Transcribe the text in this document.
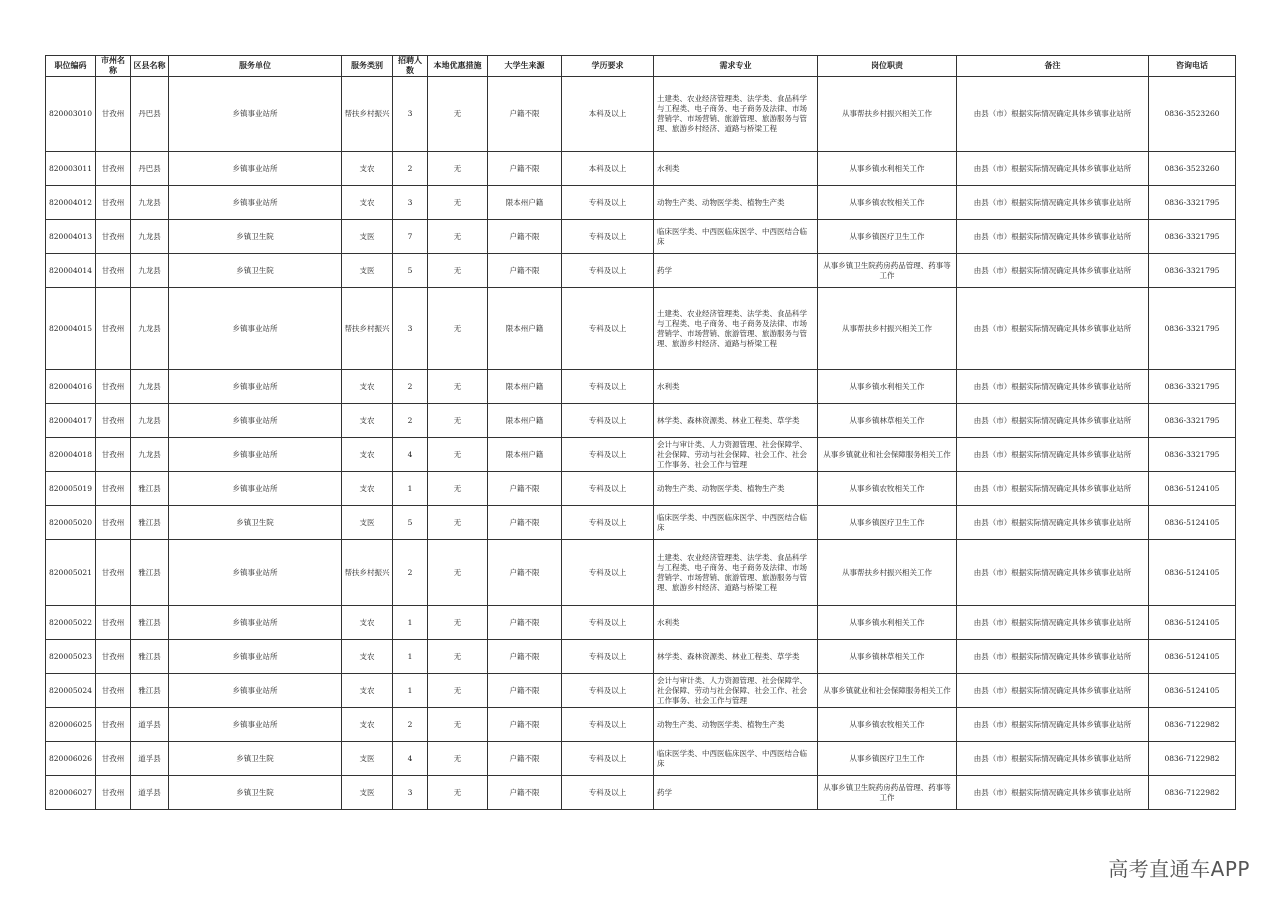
职位编码	市州名称	区县名称	服务单位	服务类别	招聘人数	本地优惠措施	大学生来源	学历要求	需求专业	岗位职责	备注	咨询电话
820003010	甘孜州	丹巴县	乡镇事业站所	帮扶乡村振兴	3	无	户籍不限	本科及以上	土建类、农业经济管理类、法学类、食品科学与工程类、电子商务、电子商务及法律、市场营销学、市场营销、旅游管理、旅游服务与管理、旅游乡村经济、道路与桥梁工程	从事帮扶乡村振兴相关工作	由县（市）根据实际情况确定具体乡镇事业站所	0836-3523260
820003011	甘孜州	丹巴县	乡镇事业站所	支农	2	无	户籍不限	本科及以上	水利类	从事乡镇水利相关工作	由县（市）根据实际情况确定具体乡镇事业站所	0836-3523260
820004012	甘孜州	九龙县	乡镇事业站所	支农	3	无	限本州户籍	专科及以上	动物生产类、动物医学类、植物生产类	从事乡镇农牧相关工作	由县（市）根据实际情况确定具体乡镇事业站所	0836-3321795
820004013	甘孜州	九龙县	乡镇卫生院	支医	7	无	户籍不限	专科及以上	临床医学类、中西医临床医学、中西医结合临床	从事乡镇医疗卫生工作	由县（市）根据实际情况确定具体乡镇事业站所	0836-3321795
820004014	甘孜州	九龙县	乡镇卫生院	支医	5	无	户籍不限	专科及以上	药学	从事乡镇卫生院药房药品管理、药事等工作	由县（市）根据实际情况确定具体乡镇事业站所	0836-3321795
820004015	甘孜州	九龙县	乡镇事业站所	帮扶乡村振兴	3	无	限本州户籍	专科及以上	土建类、农业经济管理类、法学类、食品科学与工程类、电子商务、电子商务及法律、市场营销学、市场营销、旅游管理、旅游服务与管理、旅游乡村经济、道路与桥梁工程	从事帮扶乡村振兴相关工作	由县（市）根据实际情况确定具体乡镇事业站所	0836-3321795
820004016	甘孜州	九龙县	乡镇事业站所	支农	2	无	限本州户籍	专科及以上	水利类	从事乡镇水利相关工作	由县（市）根据实际情况确定具体乡镇事业站所	0836-3321795
820004017	甘孜州	九龙县	乡镇事业站所	支农	2	无	限本州户籍	专科及以上	林学类、森林资源类、林业工程类、草学类	从事乡镇林草相关工作	由县（市）根据实际情况确定具体乡镇事业站所	0836-3321795
820004018	甘孜州	九龙县	乡镇事业站所	支农	4	无	限本州户籍	专科及以上	会计与审计类、人力资源管理、社会保障学、社会保障、劳动与社会保障、社会工作、社会工作事务、社会工作与管理	从事乡镇就业和社会保障服务相关工作	由县（市）根据实际情况确定具体乡镇事业站所	0836-3321795
820005019	甘孜州	雅江县	乡镇事业站所	支农	1	无	户籍不限	专科及以上	动物生产类、动物医学类、植物生产类	从事乡镇农牧相关工作	由县（市）根据实际情况确定具体乡镇事业站所	0836-5124105
820005020	甘孜州	雅江县	乡镇卫生院	支医	5	无	户籍不限	专科及以上	临床医学类、中西医临床医学、中西医结合临床	从事乡镇医疗卫生工作	由县（市）根据实际情况确定具体乡镇事业站所	0836-5124105
820005021	甘孜州	雅江县	乡镇事业站所	帮扶乡村振兴	2	无	户籍不限	专科及以上	土建类、农业经济管理类、法学类、食品科学与工程类、电子商务、电子商务及法律、市场营销学、市场营销、旅游管理、旅游服务与管理、旅游乡村经济、道路与桥梁工程	从事帮扶乡村振兴相关工作	由县（市）根据实际情况确定具体乡镇事业站所	0836-5124105
820005022	甘孜州	雅江县	乡镇事业站所	支农	1	无	户籍不限	专科及以上	水利类	从事乡镇水利相关工作	由县（市）根据实际情况确定具体乡镇事业站所	0836-5124105
820005023	甘孜州	雅江县	乡镇事业站所	支农	1	无	户籍不限	专科及以上	林学类、森林资源类、林业工程类、草学类	从事乡镇林草相关工作	由县（市）根据实际情况确定具体乡镇事业站所	0836-5124105
820005024	甘孜州	雅江县	乡镇事业站所	支农	1	无	户籍不限	专科及以上	会计与审计类、人力资源管理、社会保障学、社会保障、劳动与社会保障、社会工作、社会工作事务、社会工作与管理	从事乡镇就业和社会保障服务相关工作	由县（市）根据实际情况确定具体乡镇事业站所	0836-5124105
820006025	甘孜州	道孚县	乡镇事业站所	支农	2	无	户籍不限	专科及以上	动物生产类、动物医学类、植物生产类	从事乡镇农牧相关工作	由县（市）根据实际情况确定具体乡镇事业站所	0836-7122982
820006026	甘孜州	道孚县	乡镇卫生院	支医	4	无	户籍不限	专科及以上	临床医学类、中西医临床医学、中西医结合临床	从事乡镇医疗卫生工作	由县（市）根据实际情况确定具体乡镇事业站所	0836-7122982
820006027	甘孜州	道孚县	乡镇卫生院	支医	3	无	户籍不限	专科及以上	药学	从事乡镇卫生院药房药品管理、药事等工作	由县（市）根据实际情况确定具体乡镇事业站所	0836-7122982
高考直通车APP
